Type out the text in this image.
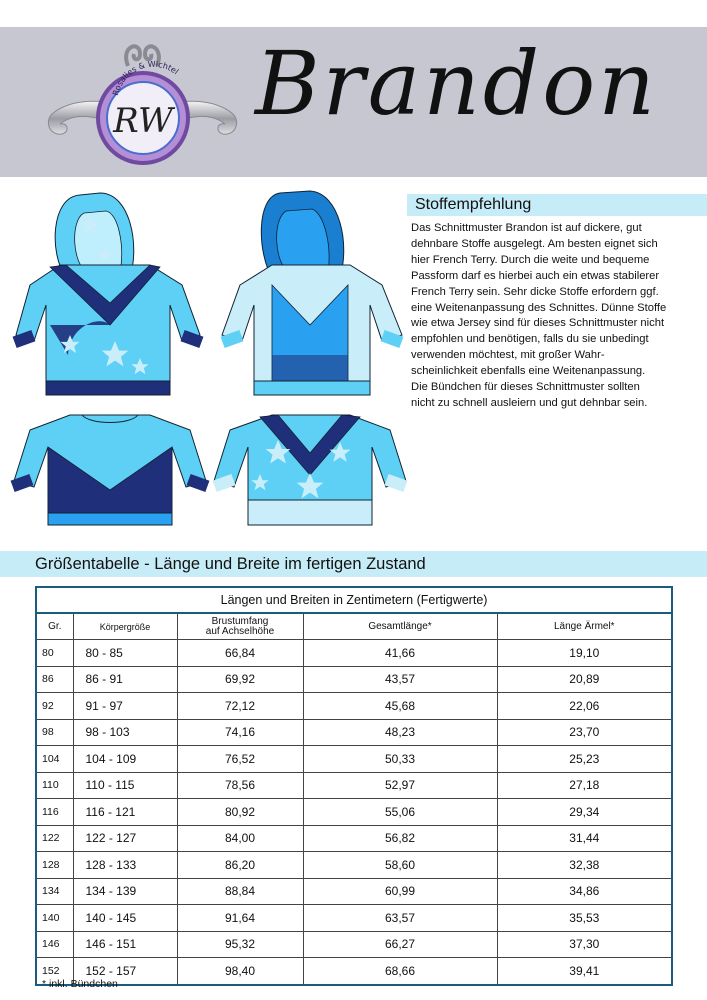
Rosalies & Wichtel
RW Brandon
Stoffempfehlung

Das Schnittmuster Brandon ist auf dickere, gut
dehnbare Stoffe ausgelegt. Am besten eignet sich
hier French Terry. Durch die weite und bequeme
Passform darf es hierbei auch ein etwas stabilerer
French Terry sein. Sehr dicke Stoffe erfordern ggf.
eine Weitenanpassung des Schnittes. Dünne Stoffe
wie etwa Jersey sind für dieses Schnittmuster nicht
empfohlen und benötigen, falls du sie unbedingt
verwenden möchtest, mit großer Wahr-
scheinlichkeit ebenfalls eine Weitenanpassung.
Die Bündchen für dieses Schnittmuster sollten
nicht zu schnell ausleiern und gut dehnbar sein.

Größentabelle - Länge und Breite im fertigen Zustand
Längen und Breiten in Zentimetern (Fertigwerte)				
Gr.	Körpergröße	Brustumfang
auf Achselhöhe	Gesamtlänge*	Länge Ärmel*
80	80 - 85	66,84	41,66	19,10
86	86 - 91	69,92	43,57	20,89
92	91 - 97	72,12	45,68	22,06
98	98 - 103	74,16	48,23	23,70
104	104 - 109	76,52	50,33	25,23
110	110 - 115	78,56	52,97	27,18
116	116 - 121	80,92	55,06	29,34
122	122 - 127	84,00	56,82	31,44
128	128 - 133	86,20	58,60	32,38
134	134 - 139	88,84	60,99	34,86
140	140 - 145	91,64	63,57	35,53
146	146 - 151	95,32	66,27	37,30
152	152 - 157	98,40	68,66	39,41
* inkl. Bündchen
